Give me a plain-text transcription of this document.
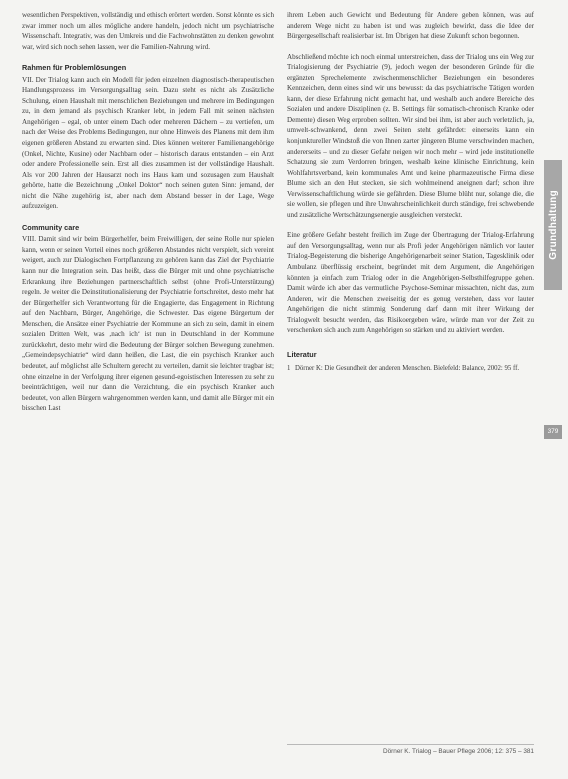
wesentlichen Perspektiven, vollständig und ethisch erörtert werden. Sonst könnte es sich zwar immer noch um alles mögliche andere handeln, jedoch nicht um psychiatrische Wissenschaft. Integrativ, was den Umkreis und die Fachwohnstätten zu denken gewohnt war, wird sich noch sehen lassen, wer die Familien-Nahrung wird.

Rahmen für Problemlösungen

VII. Der Trialog kann auch ein Modell für jeden einzelnen diagnostisch-therapeutischen Handlungsprozess im Versorgungsalltag sein. Dazu steht es nicht als Zusätzliche Schulung, einen Haushalt mit menschlichen Beziehungen und mehrere im Bedingungen zu, in dem jemand als psychisch Kranker lebt, in jedem Fall mit seinen nächsten Angehörigen – egal, ob unter einem Dach oder mehreren Dächern – zu vertiefen, um nach der Weise des Problems Bedingungen, nur ohne Hinweis des Planens mit dem ihm eigenen größeren Abstand zu erwarten sind. Dies können weiterer Familienangehörige (Onkel, Nichte, Kusine) oder Nachbarn oder – historisch daraus entstanden – ein Arzt oder andere Professionelle sein. Erst all dies zusammen ist der vollständige Haushalt. Als vor 200 Jahren der Hausarzt noch ins Haus kam und sozusagen zum Haushalt gehörte, hatte die Bezeichnung „Onkel Doktor“ noch seinen guten Sinn: jemand, der nicht die Nähe zugehörig ist, aber nach dem Abstand besser in der Lage, Wege aufzuzeigen.

Community care

VIII. Damit sind wir beim Bürgerhelfer, beim Freiwilligen, der seine Rolle nur spielen kann, wenn er seinen Vorteil eines noch größeren Abstandes nicht verspielt, sich vereint weigert, auch zur Dialogischen Fortpflanzung zu gehören kann das Ziel der Psychiatrie kann nur die Integration sein. Das heißt, dass die Bürger mit und ohne psychiatrische Erkrankung ihre Beziehungen partnerschaftlich selbst (ohne Profi-Unterstützung) regeln. Je weiter die Deinstitutionalisierung der Psychiatrie fortschreitet, desto mehr hat der Bürgerhelfer sich Verantwortung für die Engagierte, das Engagement in Richtung auf den Nachbarn, Bürger, Angehörige, die Schwester. Das eigene Bürgertum der Menschen, die Ansätze einer Psychiatrie der Kommune an sich zu sein, damit in einem sozialen Dritten Welt, was ‚nach ich‘ ist nun in Deutschland in der Kommune zurückkehrt, desto mehr wird die Bedeutung der Bürger solchen Bewegung zunehmen. „Gemeindepsychiatrie“ wird dann heißen, die Last, die ein psychisch Kranker auch bedeutet, auf möglichst alle Schultern gerecht zu verteilen, damit sie leichter tragbar ist; ohne einzelne in der Verfolgung ihrer eigenen gesund-egoistischen Interessen zu sehr zu beeinträchtigen, weil nur dann die Verzichtung, die ein psychisch Kranker auch bedeutet, von allen Bürgern wahrgenommen werden kann, und damit alle Bürger mit ein bisschen Last

ihrem Leben auch Gewicht und Bedeutung für Andere geben können, was auf anderem Wege nicht zu haben ist und was zugleich bewirkt, dass die Idee der Bürgergesellschaft realisierbar ist. Im Übrigen hat diese Zukunft schon begonnen.

Abschließend möchte ich noch einmal unterstreichen, dass der Trialog uns ein Weg zur Trialogisierung der Psychiatrie (9), jedoch wegen der besonderen Gründe für die ergänzten Sprechelemente zwischenmenschlicher Beziehungen ein besonderes Kennzeichen, denn eines sind wir uns bewusst: da das psychiatrische Tätigen worden kann, der diese Erfahrung nicht gemacht hat, und weshalb auch andere Bereiche des Sozialen und andere Disziplinen (z. B. Settings für somatisch-chronisch Kranke oder Demente) diesen Weg erproben sollten. Wir sind bei ihm, ist aber auch verletzlich, ja, umwelt-schwankend, denn zwei Seiten steht gefährdet: einerseits kann ein konjunktureller Windstoß die von Ihnen zarter jüngeren Blume verschwinden machen, andererseits – und zu dieser Gefahr neigen wir noch mehr – wird jede institutionelle Schatzung sie zum Verdorren bringen, weshalb keine klinische Einrichtung, kein Wohlfahrtsverband, kein kommunales Amt und keine pharmazeutische Firma diese Blume sich an den Hut stecken, sie sich wohlmeinend aneignen darf; schon ihre Verwissenschaftlichung würde sie gefährden. Diese Blume blüht nur, solange die, die sie wollen, sie pflegen und ihre Unwahrscheinlichkeit durch ständige, frei schwebende und zusätzliche Wertschätzungsenergie ausgleichen versteckt.

Eine größere Gefahr besteht freilich im Zuge der Übertragung der Trialog-Erfahrung auf den Versorgungsalltag, wenn nur als Profi jeder Angehörigen nämlich vor lauter Trialog-Begeisterung die bisherige Angehörigenarbeit seiner Station, Tagesklinik oder Ambulanz überflüssig erscheint, begründet mit dem Argument, die Angehörigen könnten ja einfach zum Trialog oder in die Angehörigen-Selbsthilfegruppe gehen. Damit würde ich aber das vermutliche Psychose-Seminar missachten, nicht das, zum Anderen, wir die Menschen zweiseitig der es genug verstehen, dass vor lauter Angehörigen die nicht stimmig Sonderung darf dann mit ihrer Wirkung der Trialogwelt besucht werden, das Risikoergeben wäre, würde man vor der Zeit zu verschenken sich auch zum Angehörigen so stärken und zu aktiviert werden.

Literatur
1 Dörner K: Die Gesundheit der anderen Menschen. Bielefeld: Balance, 2002: 95 ff.
Grundhaltung
379
Dörner K. Trialog – Bauer Pflege 2006; 12: 375 – 381
